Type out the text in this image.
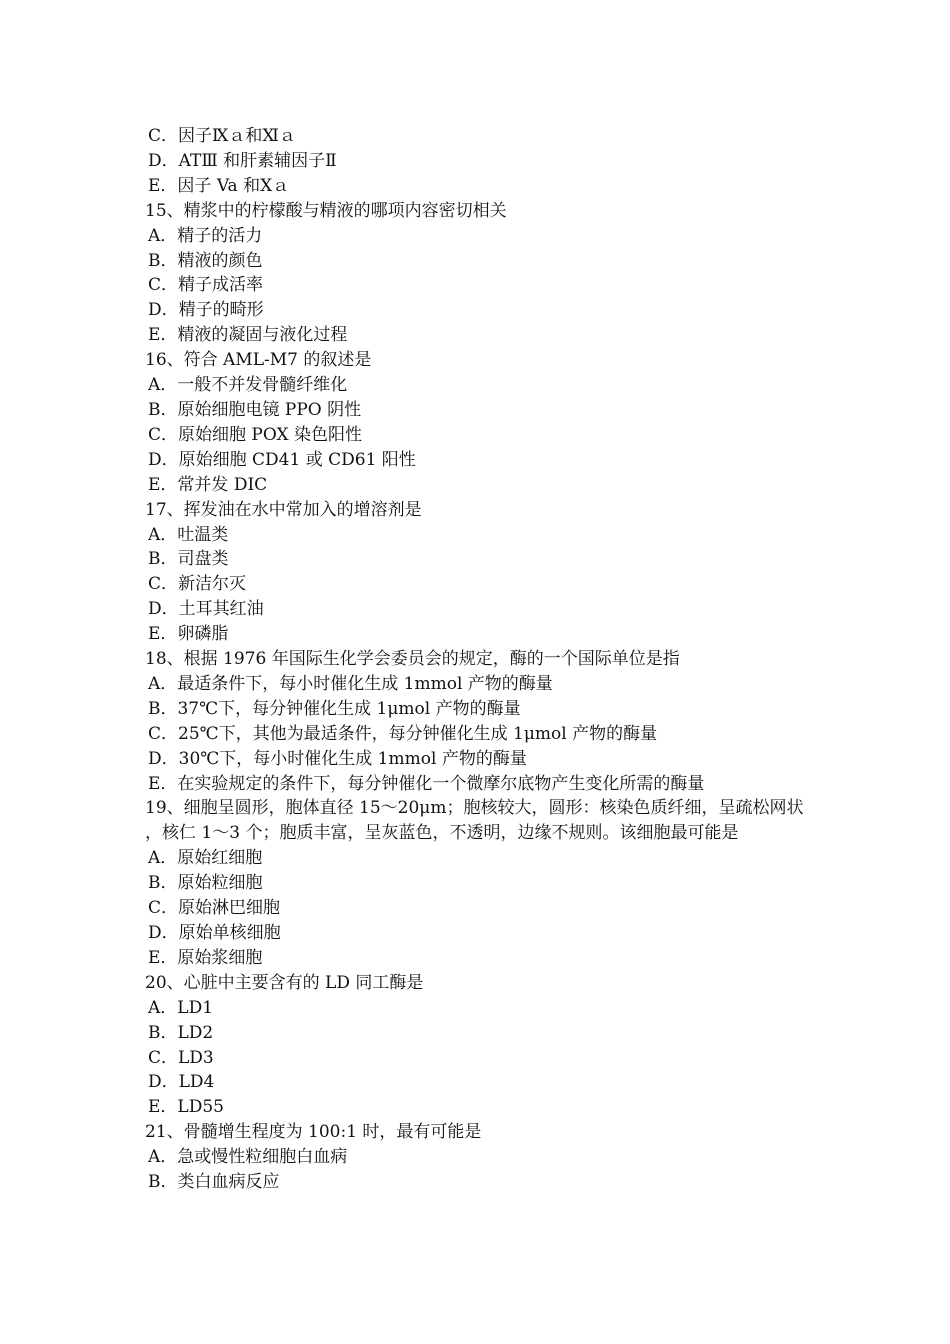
C．因子Ⅸａ和Ⅺａ
D．ATⅢ 和肝素辅因子Ⅱ
E．因子 Va 和Ⅹａ
15、精浆中的柠檬酸与精液的哪项内容密切相关
A．精子的活力
B．精液的颜色
C．精子成活率
D．精子的畸形
E．精液的凝固与液化过程
16、符合 AML-M7 的叙述是
A．一般不并发骨髓纤维化
B．原始细胞电镜 PPO 阴性
C．原始细胞 POX 染色阳性
D．原始细胞 CD41 或 CD61 阳性
E．常并发 DIC
17、挥发油在水中常加入的增溶剂是
A．吐温类
B．司盘类
C．新洁尔灭
D．土耳其红油
E．卵磷脂
18、根据 1976 年国际生化学会委员会的规定，酶的一个国际单位是指
A．最适条件下，每小时催化生成 1mmol 产物的酶量
B．37℃下，每分钟催化生成 1μmol 产物的酶量
C．25℃下，其他为最适条件，每分钟催化生成 1μmol 产物的酶量
D．30℃下，每小时催化生成 1mmol 产物的酶量
E．在实验规定的条件下，每分钟催化一个微摩尔底物产生变化所需的酶量
19、细胞呈圆形，胞体直径 15～20μm；胞核较大，圆形：核染色质纤细，呈疏松网状，核仁 1～3 个；胞质丰富，呈灰蓝色，不透明，边缘不规则。该细胞最可能是
A．原始红细胞
B．原始粒细胞
C．原始淋巴细胞
D．原始单核细胞
E．原始浆细胞
20、心脏中主要含有的 LD 同工酶是
A．LD1
B．LD2
C．LD3
D．LD4
E．LD55
21、骨髓增生程度为 100:1 时，最有可能是
A．急或慢性粒细胞白血病
B．类白血病反应
